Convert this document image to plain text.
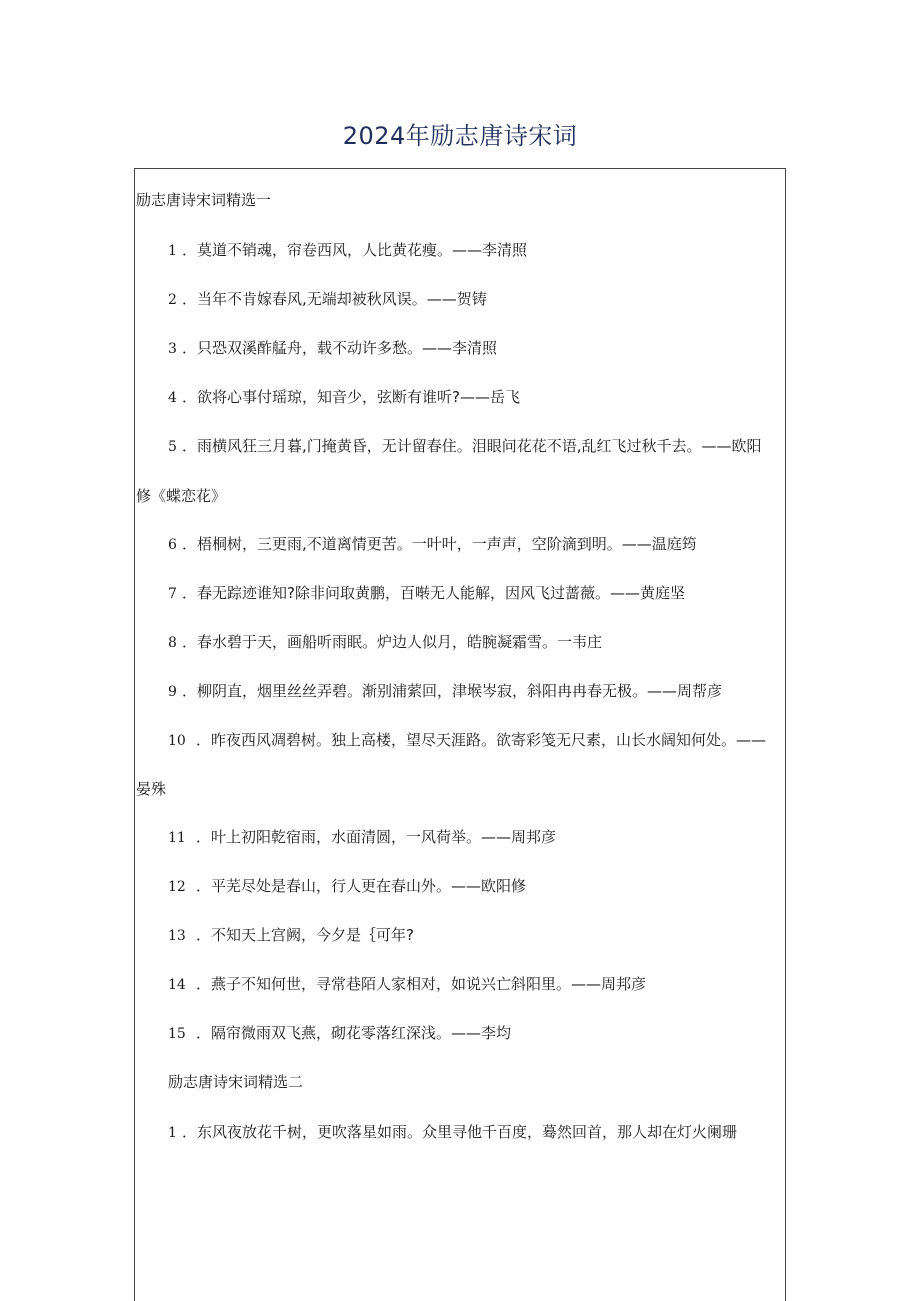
2024年励志唐诗宋词
励志唐诗宋词精选一
1 ．莫道不销魂，帘卷西风，人比黄花瘦。——李清照
2 ．当年不肯嫁春风,无端却被秋风误。——贺铸
3 ．只恐双溪酢艋舟，载不动许多愁。——李清照
4 ．欲将心事付瑶琼，知音少，弦断有谁听?——岳飞
5 ．雨横风狂三月暮,门掩黄昏，无计留春住。泪眼问花花不语,乱红飞过秋千去。——欧阳
修《蝶恋花》
6 ．梧桐树，三更雨,不道离情更苦。一叶叶，一声声，空阶滴到明。——温庭筠
7 ．春无踪迹谁知?除非问取黄鹏，百啭无人能解，因风飞过蔷薇。——黄庭坚
8 ．春水碧于天，画船听雨眠。炉边人似月，皓腕凝霜雪。一韦庄
9 ．柳阴直，烟里丝丝弄碧。渐别浦萦回，津堠岑寂，斜阳冉冉春无极。——周帮彦
10 ．昨夜西风凋碧树。独上高楼，望尽天涯路。欲寄彩笺无尺素，山长水阔知何处。——
晏殊
11 ．叶上初阳乾宿雨，水面清圆，一风荷举。——周邦彦
12 ．平芜尽处是春山，行人更在春山外。——欧阳修
13 ．不知天上宫阙，今夕是｛可年?
14 ．燕子不知何世，寻常巷陌人家相对，如说兴亡斜阳里。——周邦彦
15 ．隔帘微雨双飞燕，砌花零落红深浅。——李均
励志唐诗宋词精选二
1 ．东风夜放花千树，更吹落星如雨。众里寻他千百度，蓦然回首，那人却在灯火阑珊
